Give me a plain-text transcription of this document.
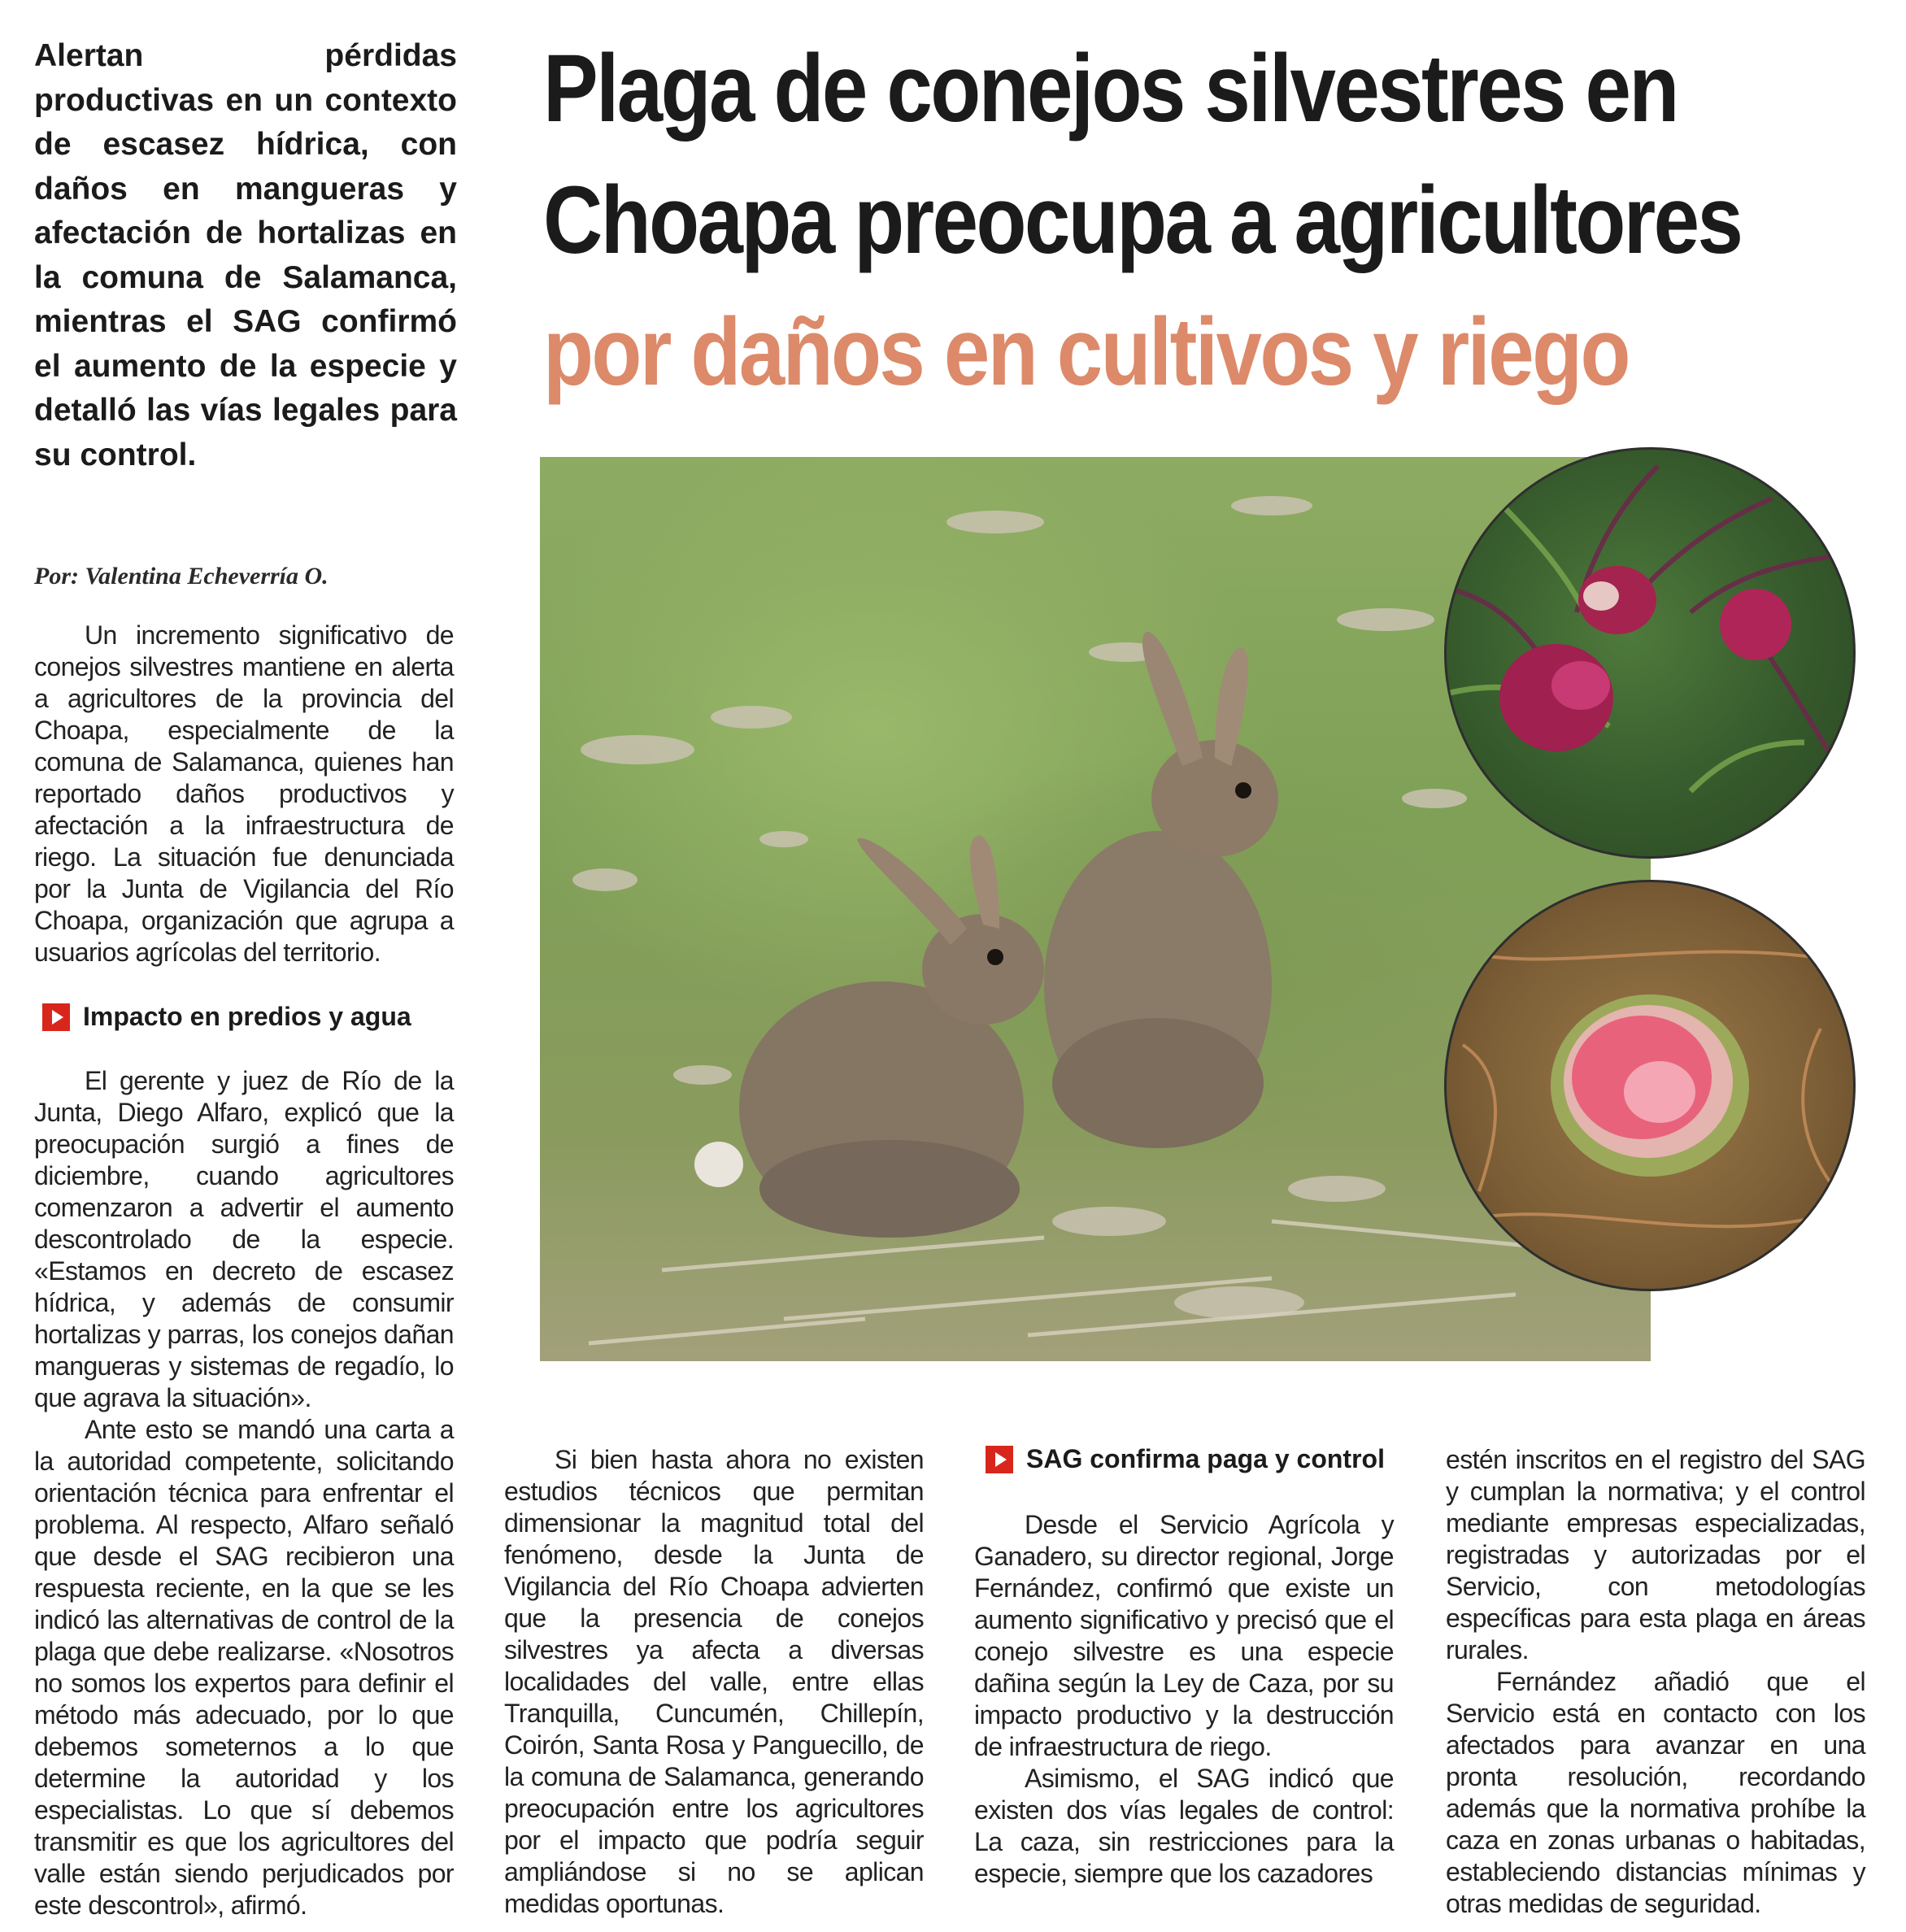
Alertan pérdidas productivas en un contexto de escasez hídrica, con daños en mangueras y afectación de hortalizas en la comuna de Salamanca, mientras el SAG confirmó el aumento de la especie y detalló las vías legales para su control.
Plaga de conejos silvestres en
Choapa preocupa a agricultores
por daños en cultivos y riego
Por: Valentina Echeverría O.

Un incremento significativo de conejos silvestres mantiene en alerta a agricultores de la provincia del Choapa, especialmente de la comuna de Salamanca, quienes han reportado daños productivos y afectación a la infraestructura de riego. La situación fue denunciada por la Junta de Vigilancia del Río Choapa, organización que agrupa a usuarios agrícolas del territorio.

Impacto en predios y agua

El gerente y juez de Río de la Junta, Diego Alfaro, explicó que la preocupación surgió a fines de diciembre, cuando agricultores comenzaron a advertir el aumento descontrolado de la especie. «Estamos en decreto de escasez hídrica, y además de consumir hortalizas y parras, los conejos dañan mangueras y sistemas de regadío, lo que agrava la situación».

Ante esto se mandó una carta a la autoridad competente, solicitando orientación técnica para enfrentar el problema. Al respecto, Alfaro señaló que desde el SAG recibieron una respuesta reciente, en la que se les indicó las alternativas de control de la plaga que debe realizarse. «Nosotros no somos los expertos para definir el método más adecuado, por lo que debemos someternos a lo que determine la autoridad y los especialistas. Lo que sí debemos transmitir es que los agricultores del valle están siendo perjudicados por este descontrol», afirmó.

Si bien hasta ahora no existen estudios técnicos que permitan dimensionar la magnitud total del fenómeno, desde la Junta de Vigilancia del Río Choapa advierten que la presencia de conejos silvestres ya afecta a diversas localidades del valle, entre ellas Tranquilla, Cuncumén, Chillepín, Coirón, Santa Rosa y Panguecillo, de la comuna de Salamanca, generando preocupación entre los agricultores por el impacto que podría seguir ampliándose si no se aplican medidas oportunas.

SAG confirma paga y control

Desde el Servicio Agrícola y Ganadero, su director regional, Jorge Fernández, confirmó que existe un aumento significativo y precisó que el conejo silvestre es una especie dañina según la Ley de Caza, por su impacto productivo y la destrucción de infraestructura de riego.

Asimismo, el SAG indicó que existen dos vías legales de control: La caza, sin restricciones para la especie, siempre que los cazadores

estén inscritos en el registro del SAG y cumplan la normativa; y el control mediante empresas especializadas, registradas y autorizadas por el Servicio, con metodologías específicas para esta plaga en áreas rurales.

Fernández añadió que el Servicio está en contacto con los afectados para avanzar en una pronta resolución, recordando además que la normativa prohíbe la caza en zonas urbanas o habitadas, estableciendo distancias mínimas y otras medidas de seguridad.
